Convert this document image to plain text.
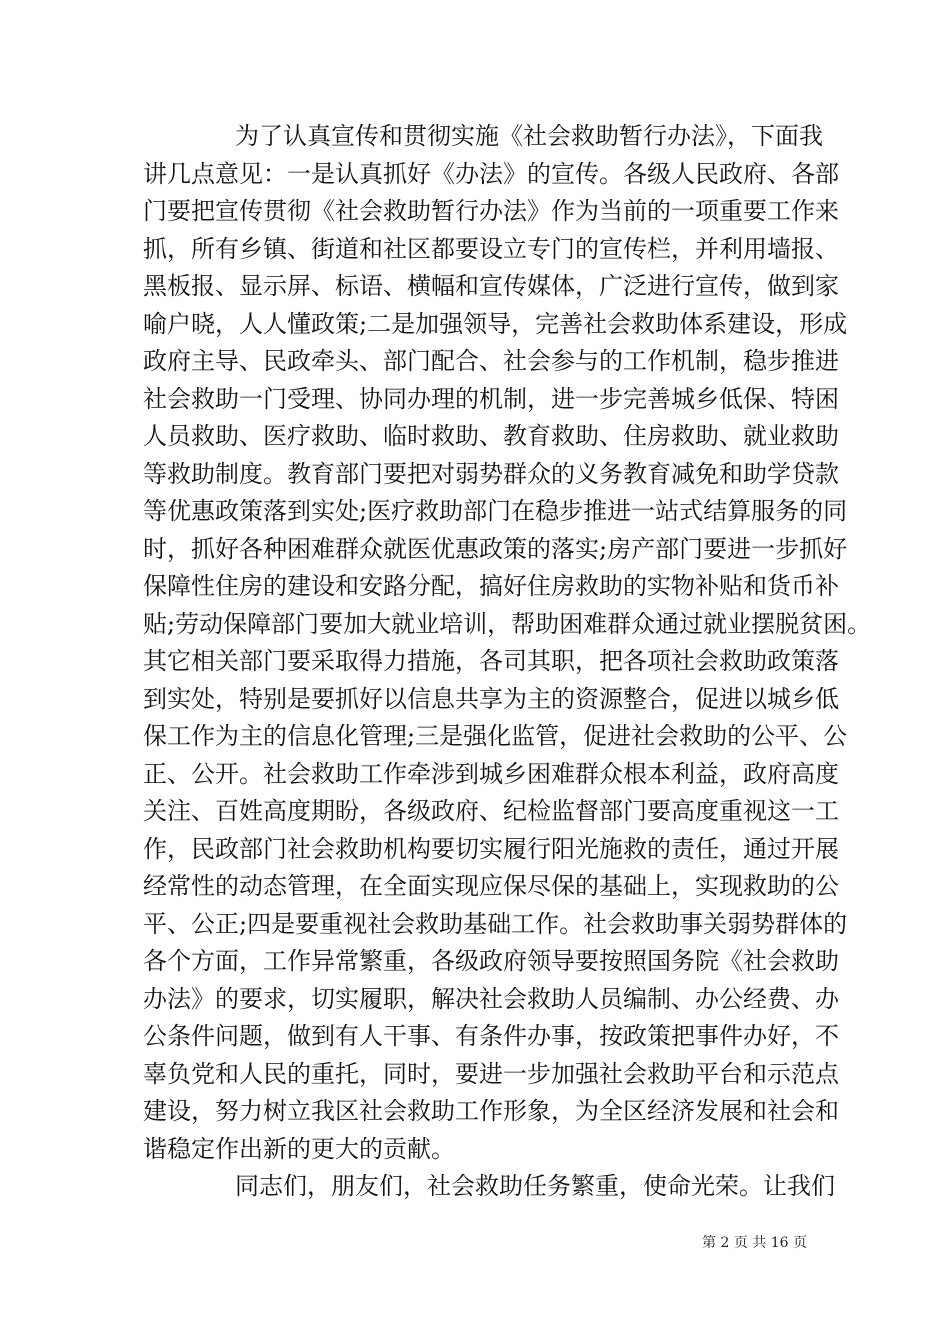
为了认真宣传和贯彻实施《社会救助暂行办法》，下面我
讲几点意见：一是认真抓好《办法》的宣传。各级人民政府、各部
门要把宣传贯彻《社会救助暂行办法》作为当前的一项重要工作来
抓，所有乡镇、街道和社区都要设立专门的宣传栏，并利用墙报、
黑板报、显示屏、标语、横幅和宣传媒体，广泛进行宣传，做到家
喻户晓，人人懂政策;二是加强领导，完善社会救助体系建设，形成
政府主导、民政牵头、部门配合、社会参与的工作机制，稳步推进
社会救助一门受理、协同办理的机制，进一步完善城乡低保、特困
人员救助、医疗救助、临时救助、教育救助、住房救助、就业救助
等救助制度。教育部门要把对弱势群众的义务教育减免和助学贷款
等优惠政策落到实处;医疗救助部门在稳步推进一站式结算服务的同
时，抓好各种困难群众就医优惠政策的落实;房产部门要进一步抓好
保障性住房的建设和安路分配，搞好住房救助的实物补贴和货币补
贴;劳动保障部门要加大就业培训，帮助困难群众通过就业摆脱贫困。
其它相关部门要采取得力措施，各司其职，把各项社会救助政策落
到实处，特别是要抓好以信息共享为主的资源整合，促进以城乡低
保工作为主的信息化管理;三是强化监管，促进社会救助的公平、公
正、公开。社会救助工作牵涉到城乡困难群众根本利益，政府高度
关注、百姓高度期盼，各级政府、纪检监督部门要高度重视这一工
作，民政部门社会救助机构要切实履行阳光施救的责任，通过开展
经常性的动态管理，在全面实现应保尽保的基础上，实现救助的公
平、公正;四是要重视社会救助基础工作。社会救助事关弱势群体的
各个方面，工作异常繁重，各级政府领导要按照国务院《社会救助
办法》的要求，切实履职，解决社会救助人员编制、办公经费、办
公条件问题，做到有人干事、有条件办事，按政策把事件办好，不
辜负党和人民的重托，同时，要进一步加强社会救助平台和示范点
建设，努力树立我区社会救助工作形象，为全区经济发展和社会和
谐稳定作出新的更大的贡献。
同志们，朋友们，社会救助任务繁重，使命光荣。让我们
第 2 页 共 16 页
